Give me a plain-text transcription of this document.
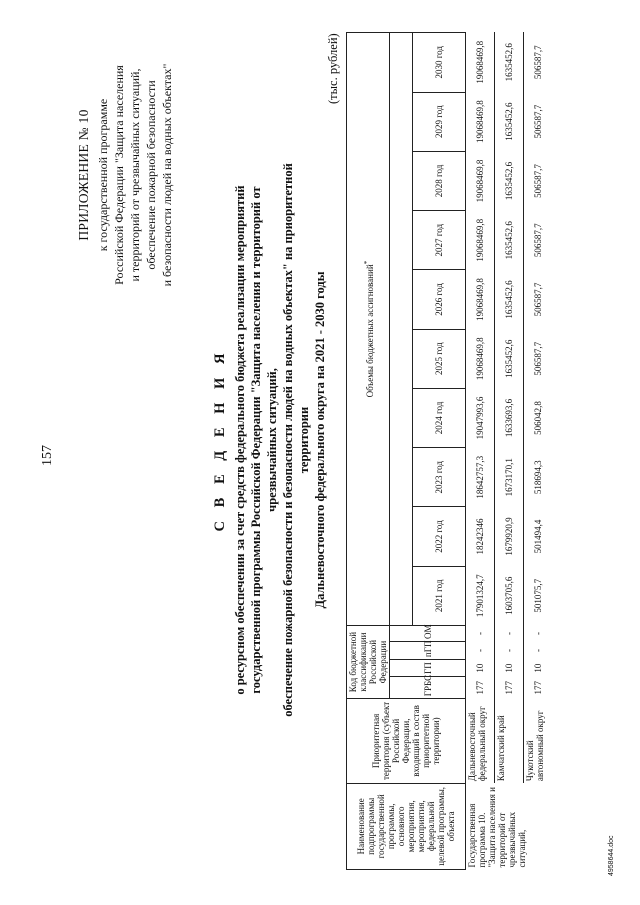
157
ПРИЛОЖЕНИЕ № 10 к государственной программе Российской Федерации "Защита населения и территорий от чрезвычайных ситуаций, обеспечение пожарной безопасности и безопасности людей на водных объектах"
С В Е Д Е Н И Я о ресурсном обеспечении за счет средств федерального бюджета реализации мероприятий государственной программы Российской Федерации "Защита населения и территорий от чрезвычайных ситуаций, обеспечение пожарной безопасности и безопасности людей на водных объектах" на приоритетной территории Дальневосточного федерального округа на 2021 - 2030 годы
(тыс. рублей)
Наименование подпрограммы государственной программы, основного мероприятия, мероприятия, федеральной целевой программы, объекта	Приоритетная территория (субъект Российской Федерации, входящий в состав приоритетной территории)	Код бюджетной классификации Российской Федерации				Объемы бюджетных ассигнований*
		ГРБС	ГП	пГП	ОМ										
						2021 год	2022 год	2023 год	2024 год	2025 год	2026 год	2027 год	2028 год	2029 год	2030 год
Государственная программа 10. "Защита населения и территорий от чрезвычайных ситуаций,	Дальневосточный федеральный округ	177	10	-	-	17901324,7	18242346	18642757,3	19047993,6	19068469,8	19068469,8	19068469,8	19068469,8	19068469,8	19068469,8
	Камчатский край	177	10	-	-	1603705,6	1679920,9	1673170,1	1633693,6	1635452,6	1635452,6	1635452,6	1635452,6	1635452,6	1635452,6
	Чукотский автономный округ	177	10	-	-	501075,7	501494,4	518694,3	506042,8	506587,7	506587,7	506587,7	506587,7	506587,7	506587,7
4958644.doc
